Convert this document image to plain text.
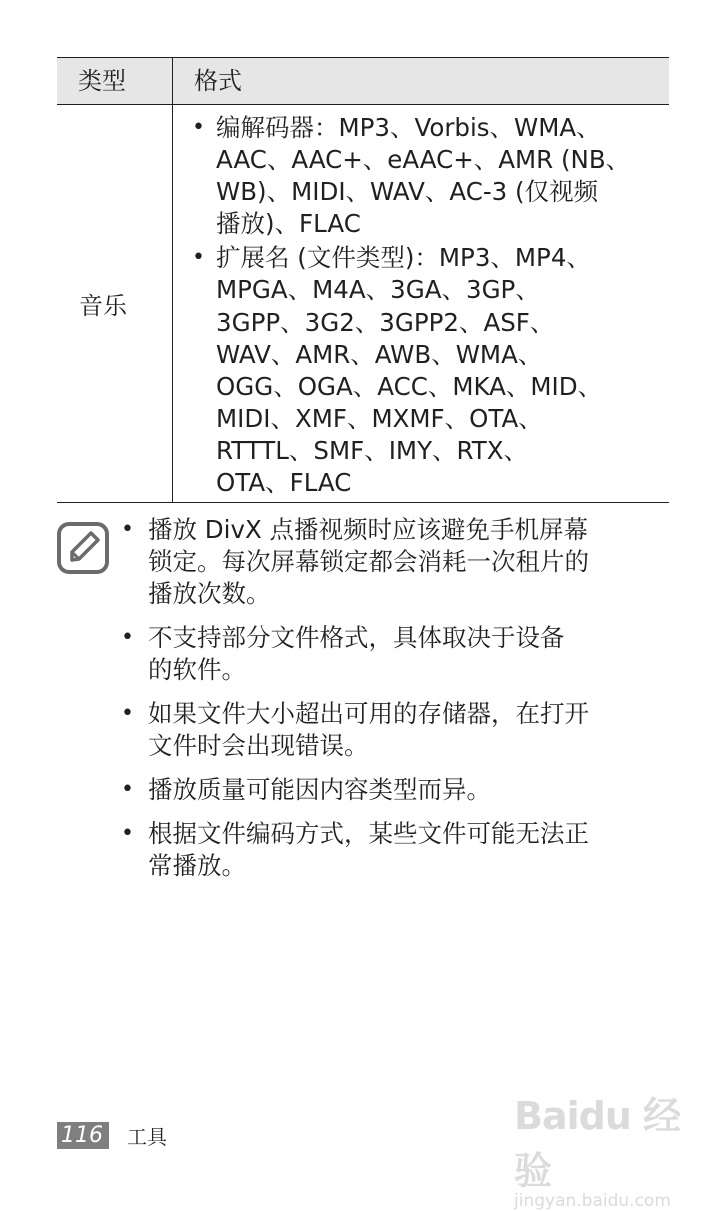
类型	格式
音乐
• 编解码器：MP3、Vorbis、WMA、
AAC、AAC+、eAAC+、AMR (NB、
WB)、MIDI、WAV、AC-3 (仅视频
播放)、FLAC
• 扩展名 (文件类型)：MP3、MP4、
MPGA、M4A、3GA、3GP、
3GPP、3G2、3GPP2、ASF、
WAV、AMR、AWB、WMA、
OGG、OGA、ACC、MKA、MID、
MIDI、XMF、MXMF、OTA、
RTTTL、SMF、IMY、RTX、
OTA、FLAC
• 播放 DivX 点播视频时应该避免手机屏幕
锁定。每次屏幕锁定都会消耗一次租片的
播放次数。
• 不支持部分文件格式，具体取决于设备
的软件。
• 如果文件大小超出可用的存储器，在打开
文件时会出现错误。
• 播放质量可能因内容类型而异。
• 根据文件编码方式，某些文件可能无法正
常播放。
Baidu 经验
jingyan.baidu.com
116	工具
